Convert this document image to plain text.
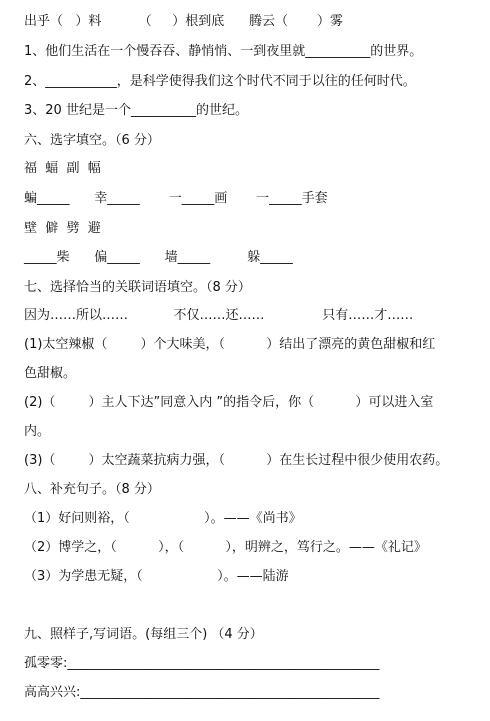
出乎（   ）料         （     ）根到底      腾云（       ）雾
1、他们生活在一个慢吞吞、静悄悄、一到夜里就__________的世界。
2、___________，是科学使得我们这个时代不同于以往的任何时代。
3、20 世纪是一个__________的世纪。
六、选字填空。（6 分）
福  蝠  副  幅
蝙_____      幸_____       一_____画       一_____手套
壁  僻  劈  避
_____柴      偏_____      墙_____         躲_____
七、选择恰当的关联词语填空。（8 分）
因为……所以……           不仅……还……              只有……才……
(1)太空辣椒（        ）个大味美，（          ）结出了漂亮的黄色甜椒和红
色甜椒。
(2)（        ）主人下达”同意入内 ”的指令后，你（          ）可以进入室
内。
(3)（        ）太空蔬菜抗病力强，（          ）在生长过程中很少使用农药。
八、补充句子。（8 分）
（1）好问则裕，（                  ）。——《尚书》
（2）博学之，（          ），（          ），明辨之，笃行之。——《礼记》
（3）为学患无疑，（                  ）。——陆游
九、照样子,写词语。(每组三个) （4 分）
孤零零:________________________________________________
高高兴兴:______________________________________________
